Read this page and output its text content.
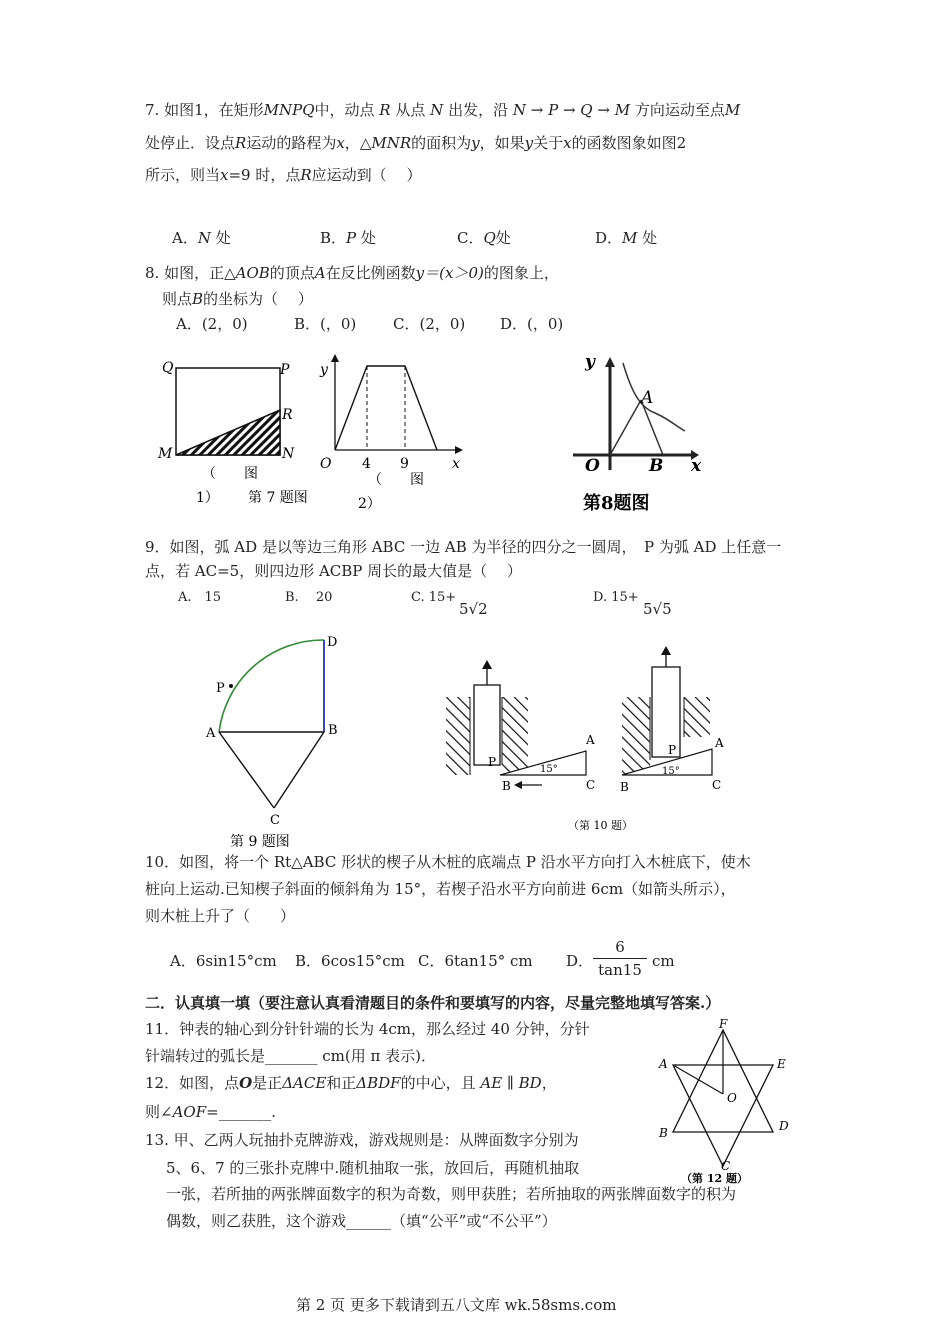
7. 如图1，在矩形MNPQ中，动点 R 从点 N 出发，沿 N → P → Q → M 方向运动至点M
处停止．设点R运动的路程为x，△MNR的面积为y，如果y关于x的函数图象如图2
所示，则当x=9 时，点R应运动到（　 ）
A．N 处	B．P 处	C．Q处	D．M 处
8. 如图，正△AOB的顶点A在反比例函数y＝(x＞0)的图象上，
则点B的坐标为（　 ）
A．(2，0)	B．(，0) C．(2，0) D．(，0)
Q	P
R
M	N
（　　图
1） 第 7 题图
y
O 4 9	x
（　　图
2）
y
A
O	B x
第8题图
9．如图，弧 AD 是以等边三角形 ABC 一边 AB 为半径的四分之一圆周，　P 为弧 AD 上任意一
点，若 AC=5，则四边形 ACBP 周长的最大值是（　 ）
A.　15	B.　 20	C. 15+
5√2
D. 15+
5√5
D
P
A	B
C
第 9 题图
P
A
15°
C
B
P	A
15°
B	C
（第 10 题）
10．如图，将一个 Rt△ABC 形状的楔子从木桩的底端点 P 沿水平方向打入木桩底下，使木
桩向上运动.已知楔子斜面的倾斜角为 15°，若楔子沿水平方向前进 6cm（如箭头所示），
则木桩上升了（　　）
A．6sin15°cm B．6cos15°cm C．6tan15° cm D． $\frac{6}{\tan 15}$ cm
二．认真填一填（要注意认真看清题目的条件和要填写的内容，尽量完整地填写答案.）
11．钟表的轴心到分针针端的长为 4cm，那么经过 40 分钟，分针
针端转过的弧长是_______ cm(用 π 表示)．
12．如图，点O是正ΔACE和正ΔBDF的中心，且 AE ∥ BD，
则∠AOF=_______.
F
E
A
O
B	D
C
（第 12 题）
13. 甲、乙两人玩抽扑克牌游戏，游戏规则是：从牌面数字分别为
5、6、7 的三张扑克牌中.随机抽取一张，放回后，再随机抽取
一张，若所抽的两张牌面数字的积为奇数，则甲获胜；若所抽取的两张牌面数字的积为
偶数，则乙获胜，这个游戏______（填“公平”或“不公平”）
第 2 页 更多下载请到五八文库 wk.58sms.com
